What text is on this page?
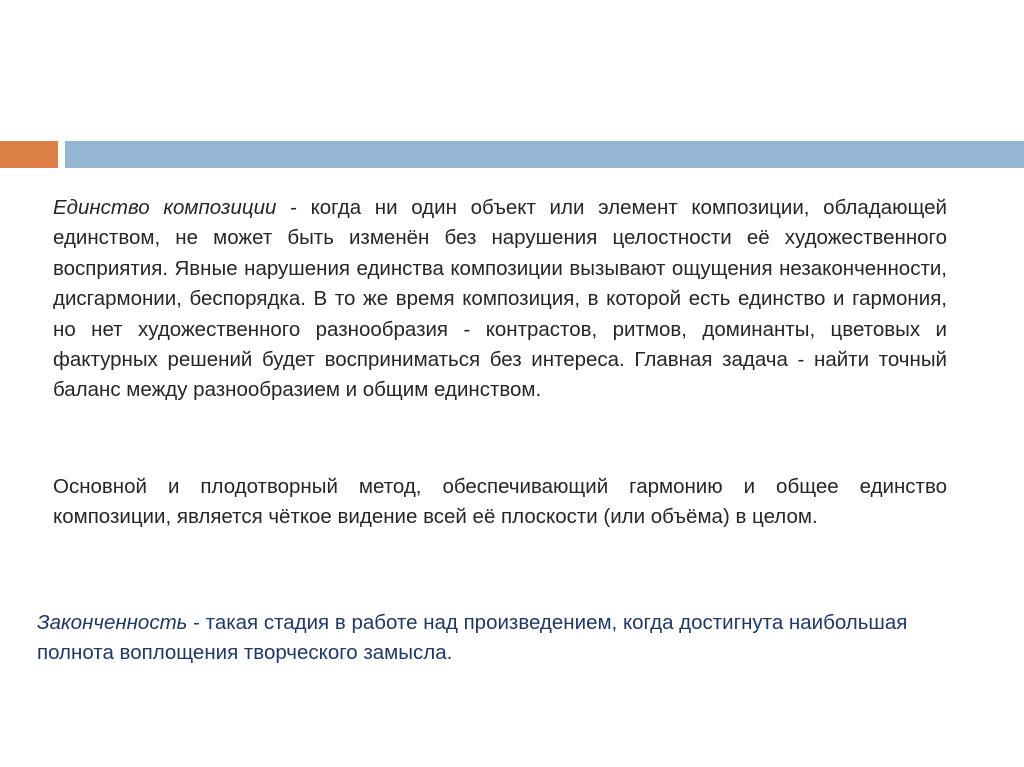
Единство композиции - когда ни один объект или элемент композиции, обладающей единством, не может быть изменён без нарушения целостности её художественного восприятия. Явные нарушения единства композиции вызывают ощущения незаконченности, дисгармонии, беспорядка. В то же время композиция, в которой есть единство и гармония, но нет художественного разнообразия - контрастов, ритмов, доминанты, цветовых и фактурных решений будет восприниматься без интереса. Главная задача - найти точный баланс между разнообразием и общим единством.

Основной и плодотворный метод, обеспечивающий гармонию и общее единство композиции, является чёткое видение всей её плоскости (или объёма) в целом.

Законченность - такая стадия в работе над произведением, когда достигнута наибольшая полнота воплощения творческого замысла.
